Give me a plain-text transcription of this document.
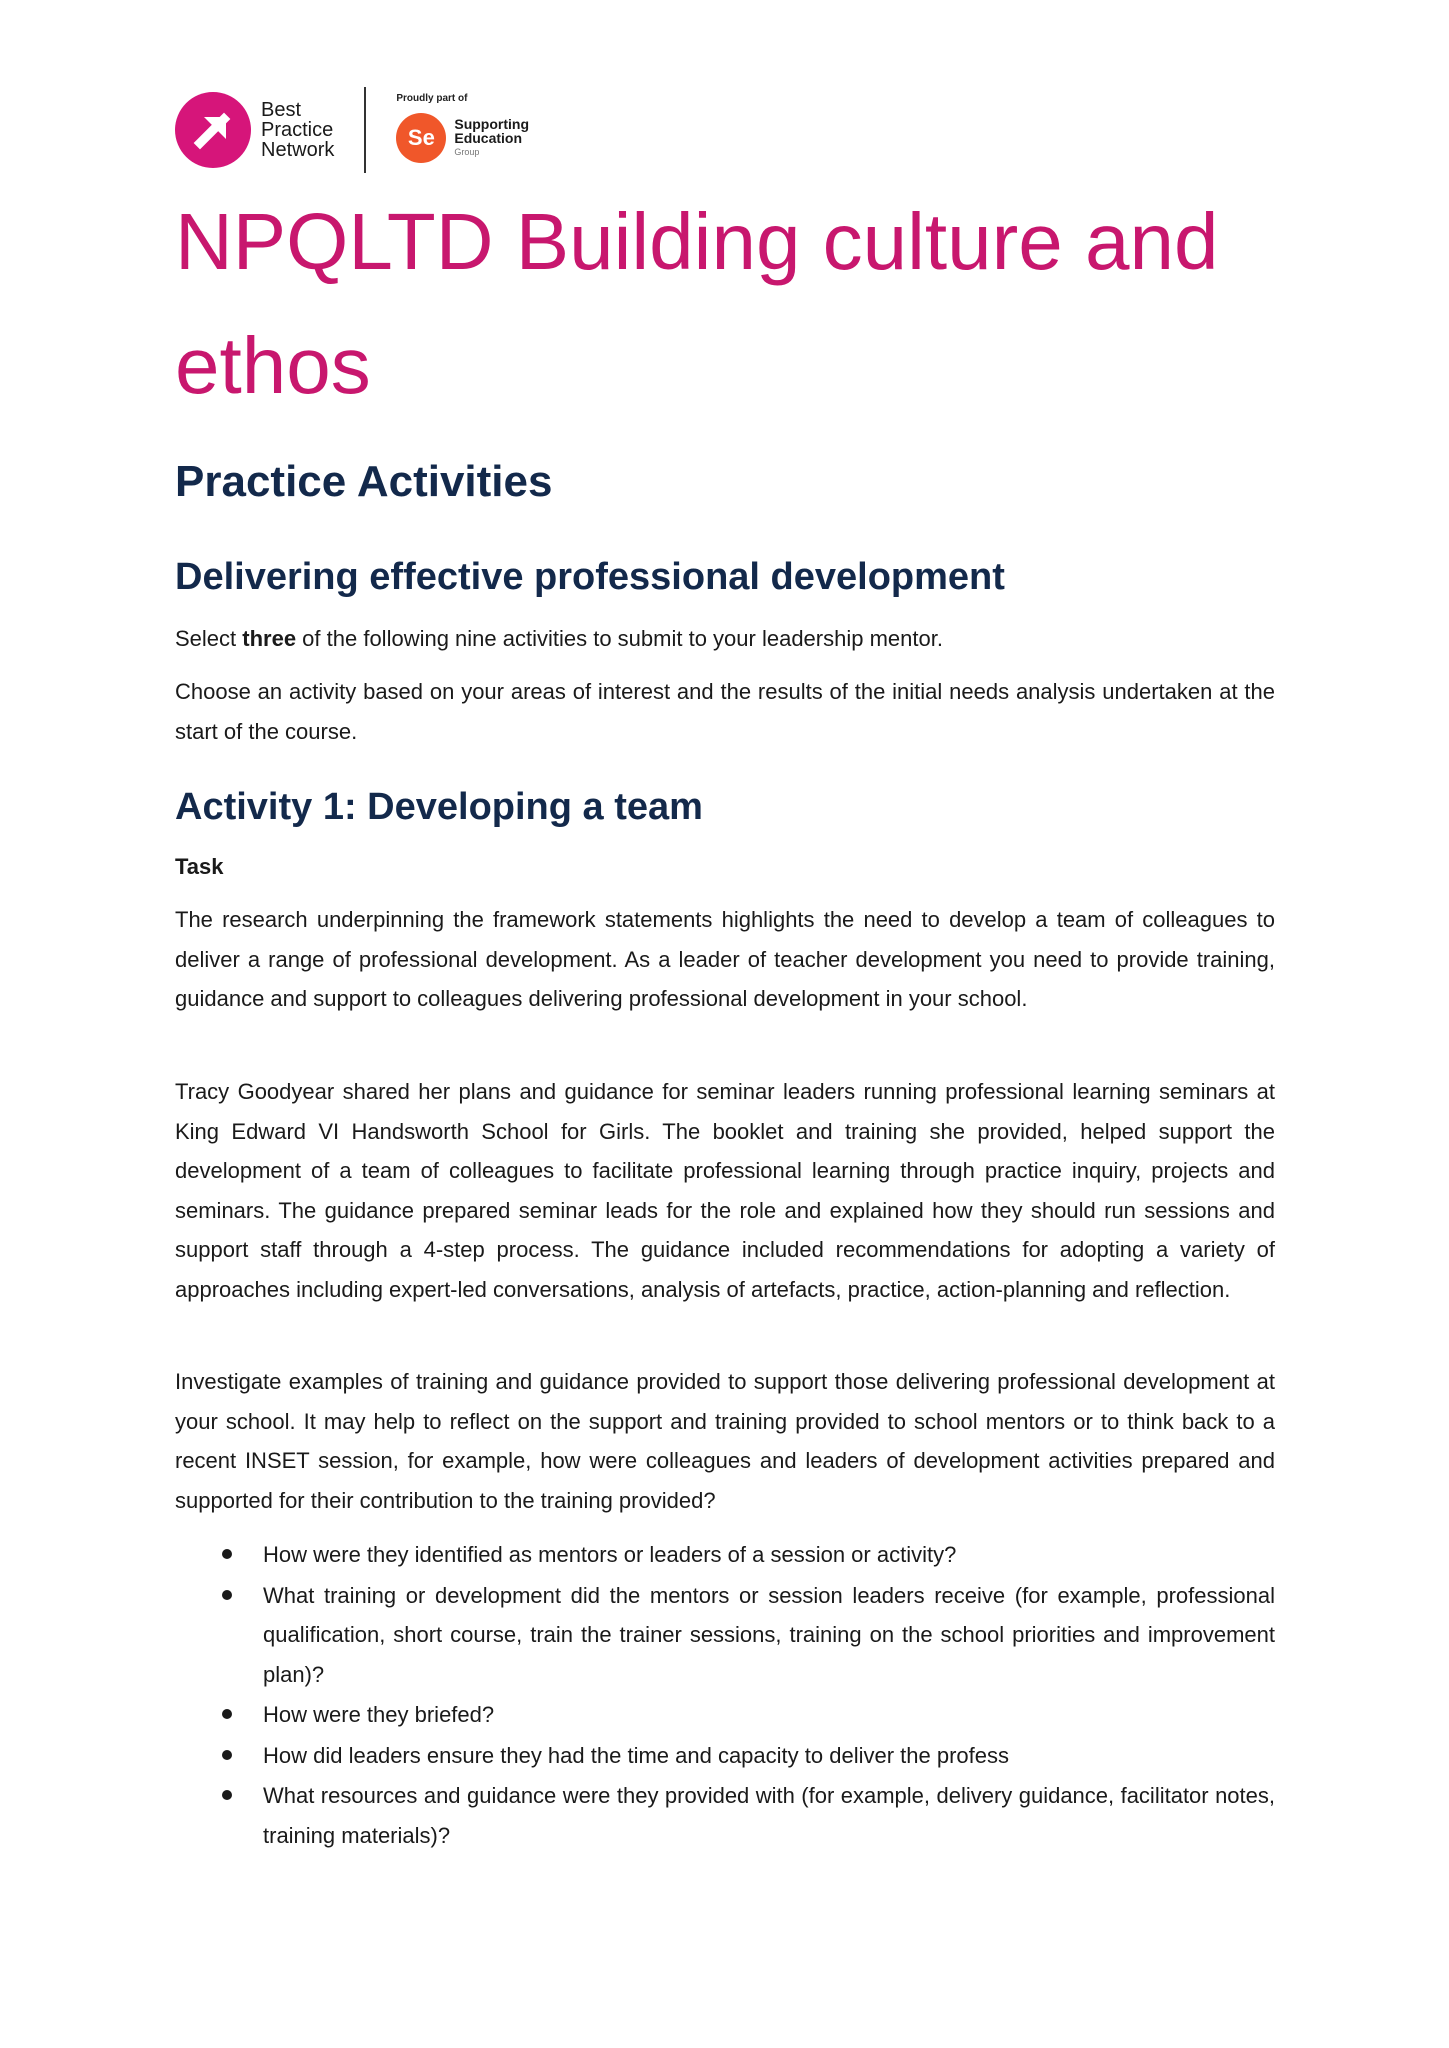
Best
Practice
Network
Proudly part of
Se
Supporting
Education
Group
NPQLTD Building culture and ethos
Practice Activities
Delivering effective professional development

Select three of the following nine activities to submit to your leadership mentor.

Choose an activity based on your areas of interest and the results of the initial needs analysis undertaken at the start of the course.

Activity 1: Developing a team

Task

The research underpinning the framework statements highlights the need to develop a team of colleagues to deliver a range of professional development. As a leader of teacher development you need to provide training, guidance and support to colleagues delivering professional development in your school.

Tracy Goodyear shared her plans and guidance for seminar leaders running professional learning seminars at King Edward VI Handsworth School for Girls. The booklet and training she provided, helped support the development of a team of colleagues to facilitate professional learning through practice inquiry, projects and seminars. The guidance prepared seminar leads for the role and explained how they should run sessions and support staff through a 4-step process. The guidance included recommendations for adopting a variety of approaches including expert-led conversations, analysis of artefacts, practice, action-planning and reflection.

Investigate examples of training and guidance provided to support those delivering professional development at your school. It may help to reflect on the support and training provided to school mentors or to think back to a recent INSET session, for example, how were colleagues and leaders of development activities prepared and supported for their contribution to the training provided?

How were they identified as mentors or leaders of a session or activity?
What training or development did the mentors or session leaders receive (for example, professional qualification, short course, train the trainer sessions, training on the school priorities and improvement plan)?
How were they briefed?
How did leaders ensure they had the time and capacity to deliver the profess
What resources and guidance were they provided with (for example, delivery guidance, facilitator notes, training materials)?
